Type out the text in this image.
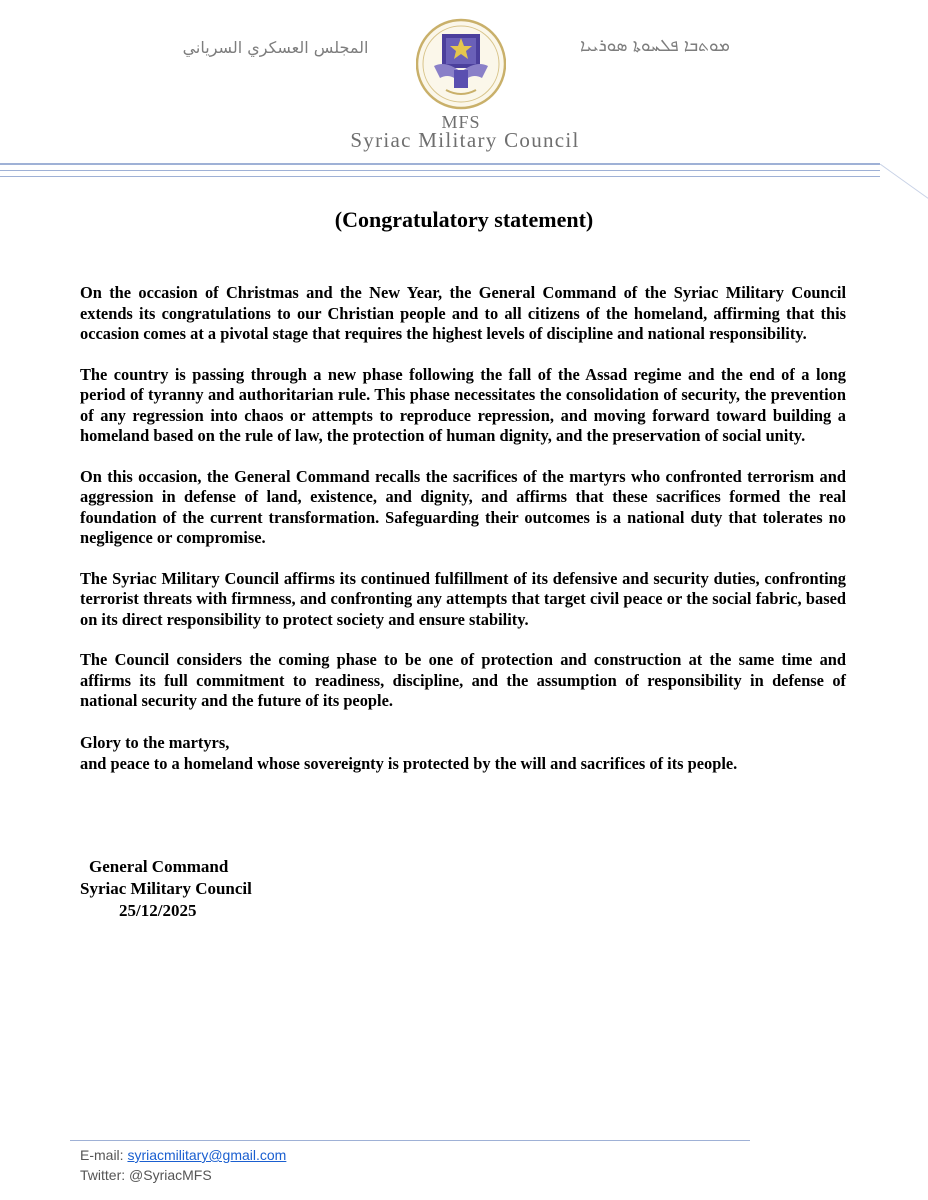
المجلس العسكري السرياني	ܡܘܬܒܐ ܦܠܚܘܬܐ ܣܘܪܝܝܐ
MFS
Syriac Military Council
(Congratulatory statement)

On the occasion of Christmas and the New Year, the General Command of the Syriac Military Council extends its congratulations to our Christian people and to all citizens of the homeland, affirming that this occasion comes at a pivotal stage that requires the highest levels of discipline and national responsibility.

The country is passing through a new phase following the fall of the Assad regime and the end of a long period of tyranny and authoritarian rule. This phase necessitates the consolidation of security, the prevention of any regression into chaos or attempts to reproduce repression, and moving forward toward building a homeland based on the rule of law, the protection of human dignity, and the preservation of social unity.

On this occasion, the General Command recalls the sacrifices of the martyrs who confronted terrorism and aggression in defense of land, existence, and dignity, and affirms that these sacrifices formed the real foundation of the current transformation. Safeguarding their outcomes is a national duty that tolerates no negligence or compromise.

The Syriac Military Council affirms its continued fulfillment of its defensive and security duties, confronting terrorist threats with firmness, and confronting any attempts that target civil peace or the social fabric, based on its direct responsibility to protect society and ensure stability.

The Council considers the coming phase to be one of protection and construction at the same time and affirms its full commitment to readiness, discipline, and the assumption of responsibility in defense of national security and the future of its people.

Glory to the martyrs,

and peace to a homeland whose sovereignty is protected by the will and sacrifices of its people.

General Command
Syriac Military Council
25/12/2025
E-mail: syriacmilitary@gmail.com
Twitter: @SyriacMFS
